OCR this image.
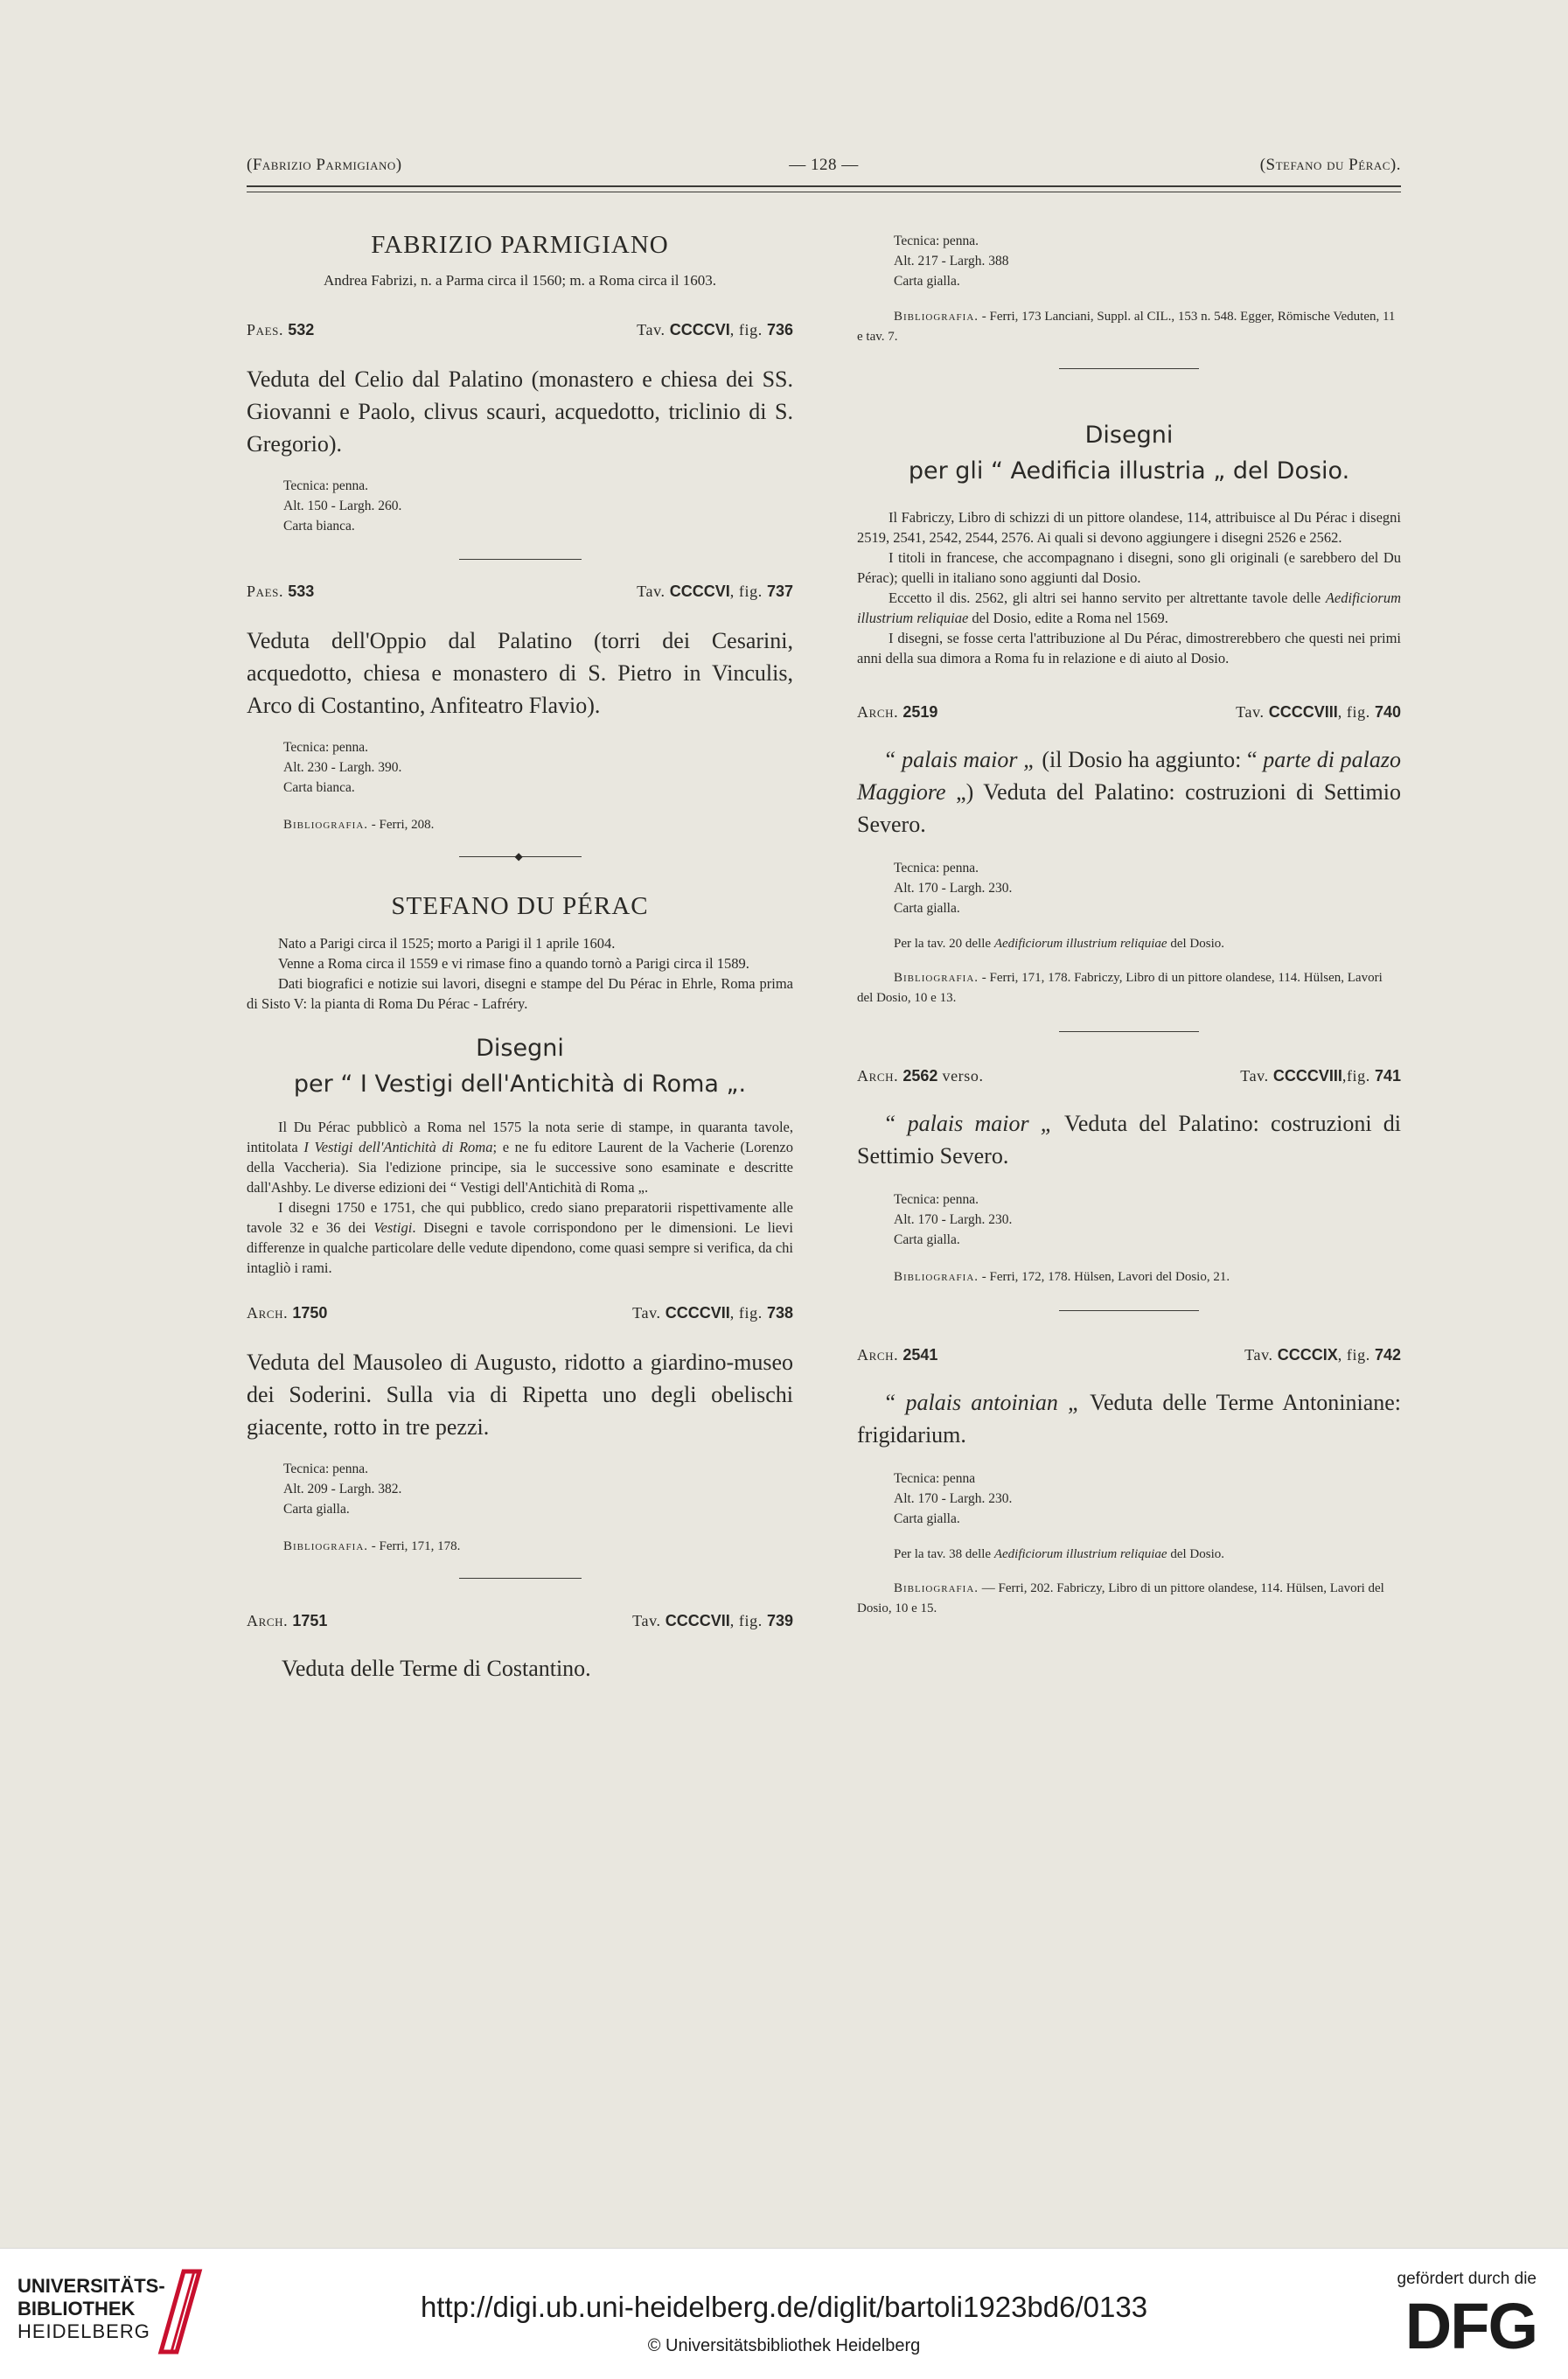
(Fabrizio Parmigiano)	— 128 —	(Stefano du Pérac).
FABRIZIO PARMIGIANO

Andrea Fabrizi, n. a Parma circa il 1560; m. a Roma circa il 1603.

Paes. 532	Tav. CCCCVI, fig. 736

Veduta del Celio dal Palatino (monastero e chiesa dei SS. Giovanni e Paolo, clivus scauri, acquedotto, triclinio di S. Gregorio).

Tecnica: penna.

Alt. 150 - Largh. 260.

Carta bianca.

Paes. 533	Tav. CCCCVI, fig. 737

Veduta dell'Oppio dal Palatino (torri dei Cesarini, acquedotto, chiesa e monastero di S. Pietro in Vinculis, Arco di Costantino, Anfiteatro Flavio).

Tecnica: penna.

Alt. 230 - Largh. 390.

Carta bianca.

Bibliografia. - Ferri, 208.

◆
STEFANO DU PÉRAC

Nato a Parigi circa il 1525; morto a Parigi il 1 aprile 1604.

Venne a Roma circa il 1559 e vi rimase fino a quando tornò a Parigi circa il 1589.

Dati biografici e notizie sui lavori, disegni e stampe del Du Pérac in Ehrle, Roma prima di Sisto V: la pianta di Roma Du Pérac - Lafréry.

Disegni
per “ I Vestigi dell'Antichità di Roma „.

Il Du Pérac pubblicò a Roma nel 1575 la nota serie di stampe, in quaranta tavole, intitolata I Vestigi dell'Antichità di Roma; e ne fu editore Laurent de la Vacherie (Lorenzo della Vaccheria). Sia l'edizione principe, sia le successive sono esaminate e descritte dall'Ashby. Le diverse edizioni dei “ Vestigi dell'Antichità di Roma „.

I disegni 1750 e 1751, che qui pubblico, credo siano preparatorii rispettivamente alle tavole 32 e 36 dei Vestigi. Disegni e tavole corrispondono per le dimensioni. Le lievi differenze in qualche particolare delle vedute dipendono, come quasi sempre si verifica, da chi intagliò i rami.

Arch. 1750	Tav. CCCCVII, fig. 738

Veduta del Mausoleo di Augusto, ridotto a giardino-museo dei Soderini. Sulla via di Ripetta uno degli obelischi giacente, rotto in tre pezzi.

Tecnica: penna.

Alt. 209 - Largh. 382.

Carta gialla.

Bibliografia. - Ferri, 171, 178.

Arch. 1751	Tav. CCCCVII, fig. 739

Veduta delle Terme di Costantino.

Tecnica: penna.

Alt. 217 - Largh. 388

Carta gialla.

Bibliografia. - Ferri, 173 Lanciani, Suppl. al CIL., 153 n. 548. Egger, Römische Veduten, 11 e tav. 7.

Disegni
per gli “ Aedificia illustria „ del Dosio.

Il Fabriczy, Libro di schizzi di un pittore olandese, 114, attribuisce al Du Pérac i disegni 2519, 2541, 2542, 2544, 2576. Ai quali si devono aggiungere i disegni 2526 e 2562.

I titoli in francese, che accompagnano i disegni, sono gli originali (e sarebbero del Du Pérac); quelli in italiano sono aggiunti dal Dosio.

Eccetto il dis. 2562, gli altri sei hanno servito per altrettante tavole delle Aedificiorum illustrium reliquiae del Dosio, edite a Roma nel 1569.

I disegni, se fosse certa l'attribuzione al Du Pérac, dimostrerebbero che questi nei primi anni della sua dimora a Roma fu in relazione e di aiuto al Dosio.

Arch. 2519	Tav. CCCCVIII, fig. 740

“ palais maior „ (il Dosio ha aggiunto: “ parte di palazo Maggiore „) Veduta del Palatino: costruzioni di Settimio Severo.

Tecnica: penna.

Alt. 170 - Largh. 230.

Carta gialla.

Per la tav. 20 delle Aedificiorum illustrium reliquiae del Dosio.

Bibliografia. - Ferri, 171, 178. Fabriczy, Libro di un pittore olandese, 114. Hülsen, Lavori del Dosio, 10 e 13.

Arch. 2562 verso.	Tav. CCCCVIII,fig. 741

“ palais maior „ Veduta del Palatino: costruzioni di Settimio Severo.

Tecnica: penna.

Alt. 170 - Largh. 230.

Carta gialla.

Bibliografia. - Ferri, 172, 178. Hülsen, Lavori del Dosio, 21.

Arch. 2541	Tav. CCCCIX, fig. 742

“ palais antoinian „ Veduta delle Terme Antoniniane: frigidarium.

Tecnica: penna

Alt. 170 - Largh. 230.

Carta gialla.

Per la tav. 38 delle Aedificiorum illustrium reliquiae del Dosio.

Bibliografia. — Ferri, 202. Fabriczy, Libro di un pittore olandese, 114. Hülsen, Lavori del Dosio, 10 e 15.

UNIVERSITÄTS-
BIBLIOTHEK
HEIDELBERG
http://digi.ub.uni-heidelberg.de/diglit/bartoli1923bd6/0133
© Universitätsbibliothek Heidelberg
gefördert durch die
DFG
